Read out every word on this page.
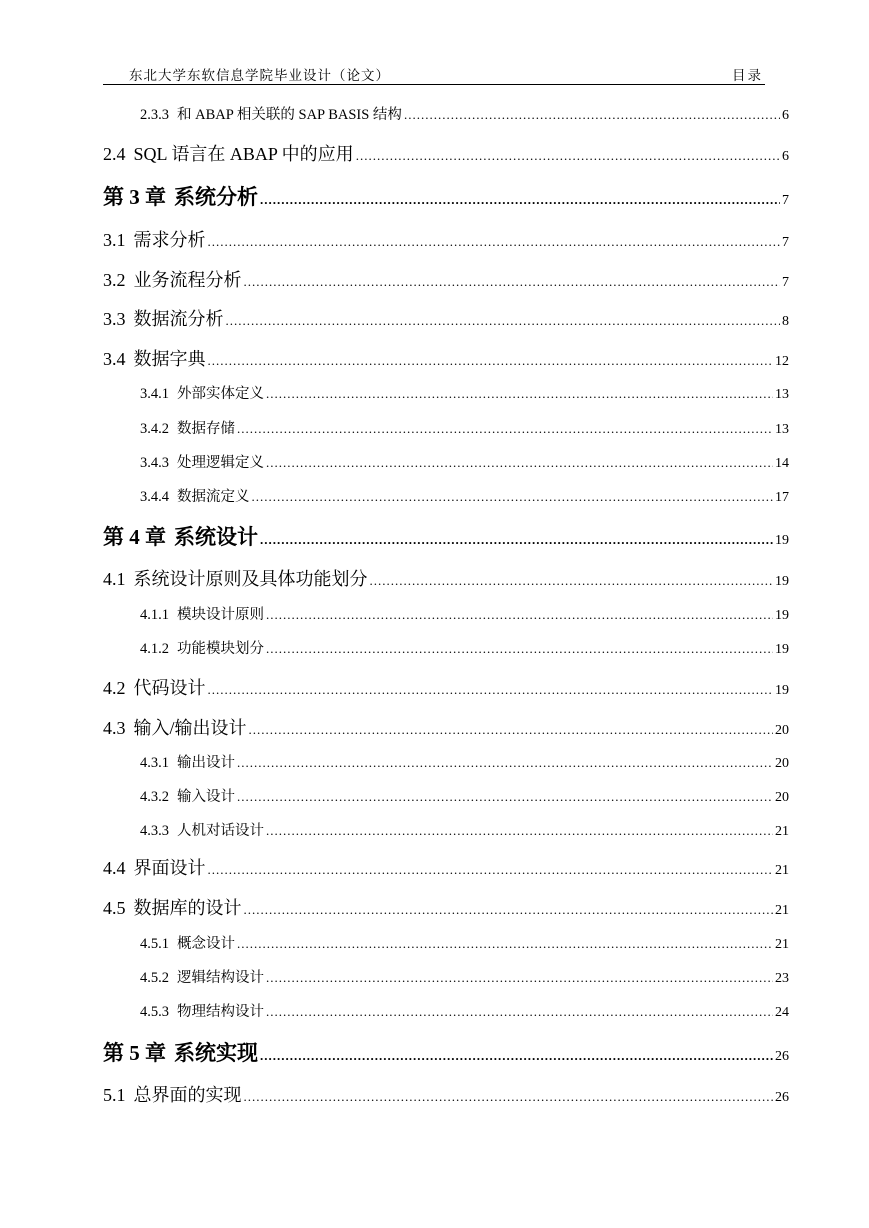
东北大学东软信息学院毕业设计（论文）	目录
2.3.3 和 ABAP 相关联的 SAP BASIS 结构 .....	6
2.4 SQL 语言在 ABAP 中的应用 .....	6
第 3 章 系统分析 .....	7
3.1 需求分析 .....	7
3.2 业务流程分析 .....	7
3.3 数据流分析 .....	8
3.4 数据字典 .....	12
3.4.1 外部实体定义 .....	13
3.4.2 数据存储 .....	13
3.4.3 处理逻辑定义 .....	14
3.4.4 数据流定义 .....	17
第 4 章 系统设计 .....	19
4.1 系统设计原则及具体功能划分 .....	19
4.1.1 模块设计原则 .....	19
4.1.2 功能模块划分 .....	19
4.2 代码设计 .....	19
4.3 输入/输出设计 .....	20
4.3.1 输出设计 .....	20
4.3.2 输入设计 .....	20
4.3.3 人机对话设计 .....	21
4.4 界面设计 .....	21
4.5 数据库的设计 .....	21
4.5.1 概念设计 .....	21
4.5.2 逻辑结构设计 .....	23
4.5.3 物理结构设计 .....	24
第 5 章 系统实现 .....	26
5.1 总界面的实现 .....	26
